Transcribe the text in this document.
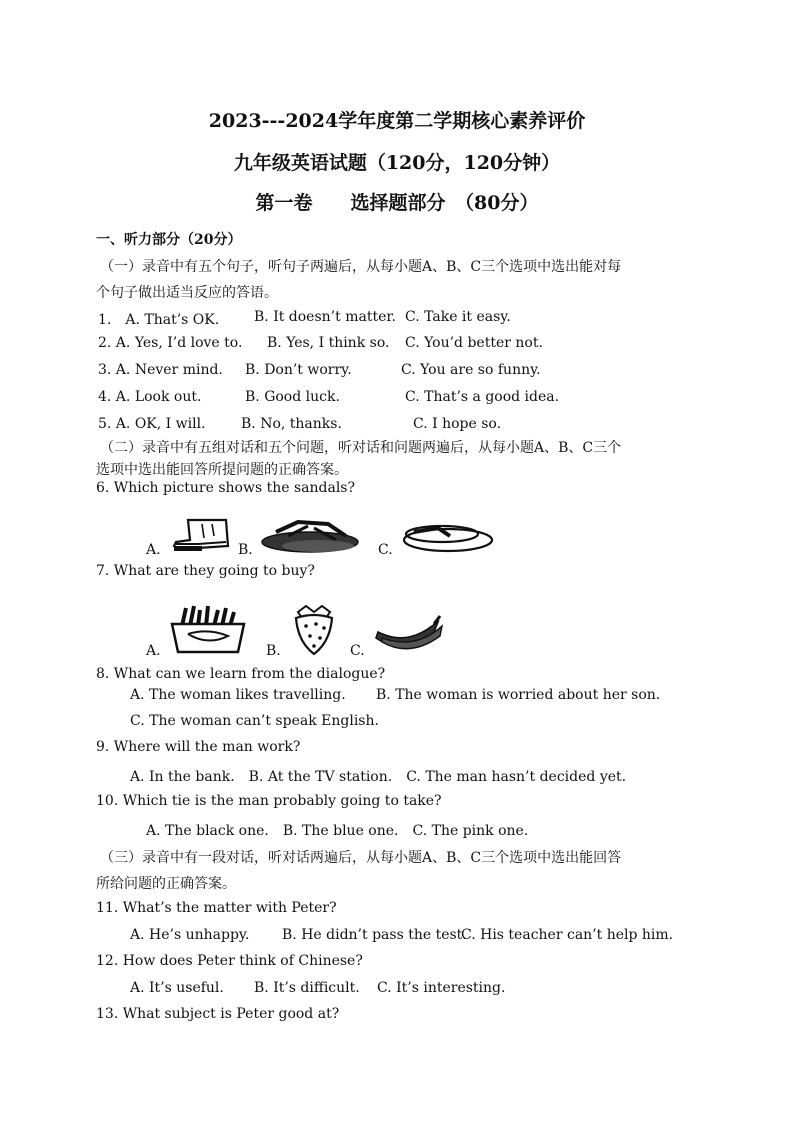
2023---2024学年度第二学期核心素养评价
九年级英语试题（120分，120分钟）
第一卷　　选择题部分　（80分）
一、听力部分（20分）
（一）录音中有五个句子，听句子两遍后，从每小题A、B、C三个选项中选出能对每
个句子做出适当反应的答语。
1.　A. That’s OK. B. It doesn’t matter. C. Take it easy.
2. A. Yes, I’d love to. B. Yes, I think so. C. You’d better not.
3. A. Never mind. B. Don’t worry.	C. You are so funny.
4. A. Look out.	B. Good luck.	C. That’s a good idea.
5. A. OK, I will.	B. No, thanks.	C. I hope so.
（二）录音中有五组对话和五个问题，听对话和问题两遍后，从每小题A、B、C三个
选项中选出能回答所提问题的正确答案。
6. Which picture shows the sandals?
A.	B.	C.
7. What are they going to buy?
A.	B.	C.
8. What can we learn from the dialogue?
A. The woman likes travelling. B. The woman is worried about her son.
C. The woman can’t speak English.
9. Where will the man work?
A. In the bank.　B. At the TV station.　C. The man hasn’t decided yet.
10. Which tie is the man probably going to take?
A. The black one.　B. The blue one.　C. The pink one.
（三）录音中有一段对话，听对话两遍后，从每小题A、B、C三个选项中选出能回答
所给问题的正确答案。
11. What’s the matter with Peter?
A. He’s unhappy. B. He didn’t pass the test.
C. His teacher can’t help him.
12. How does Peter think of Chinese?
A. It’s useful. B. It’s difficult. C. It’s interesting.
13. What subject is Peter good at?
